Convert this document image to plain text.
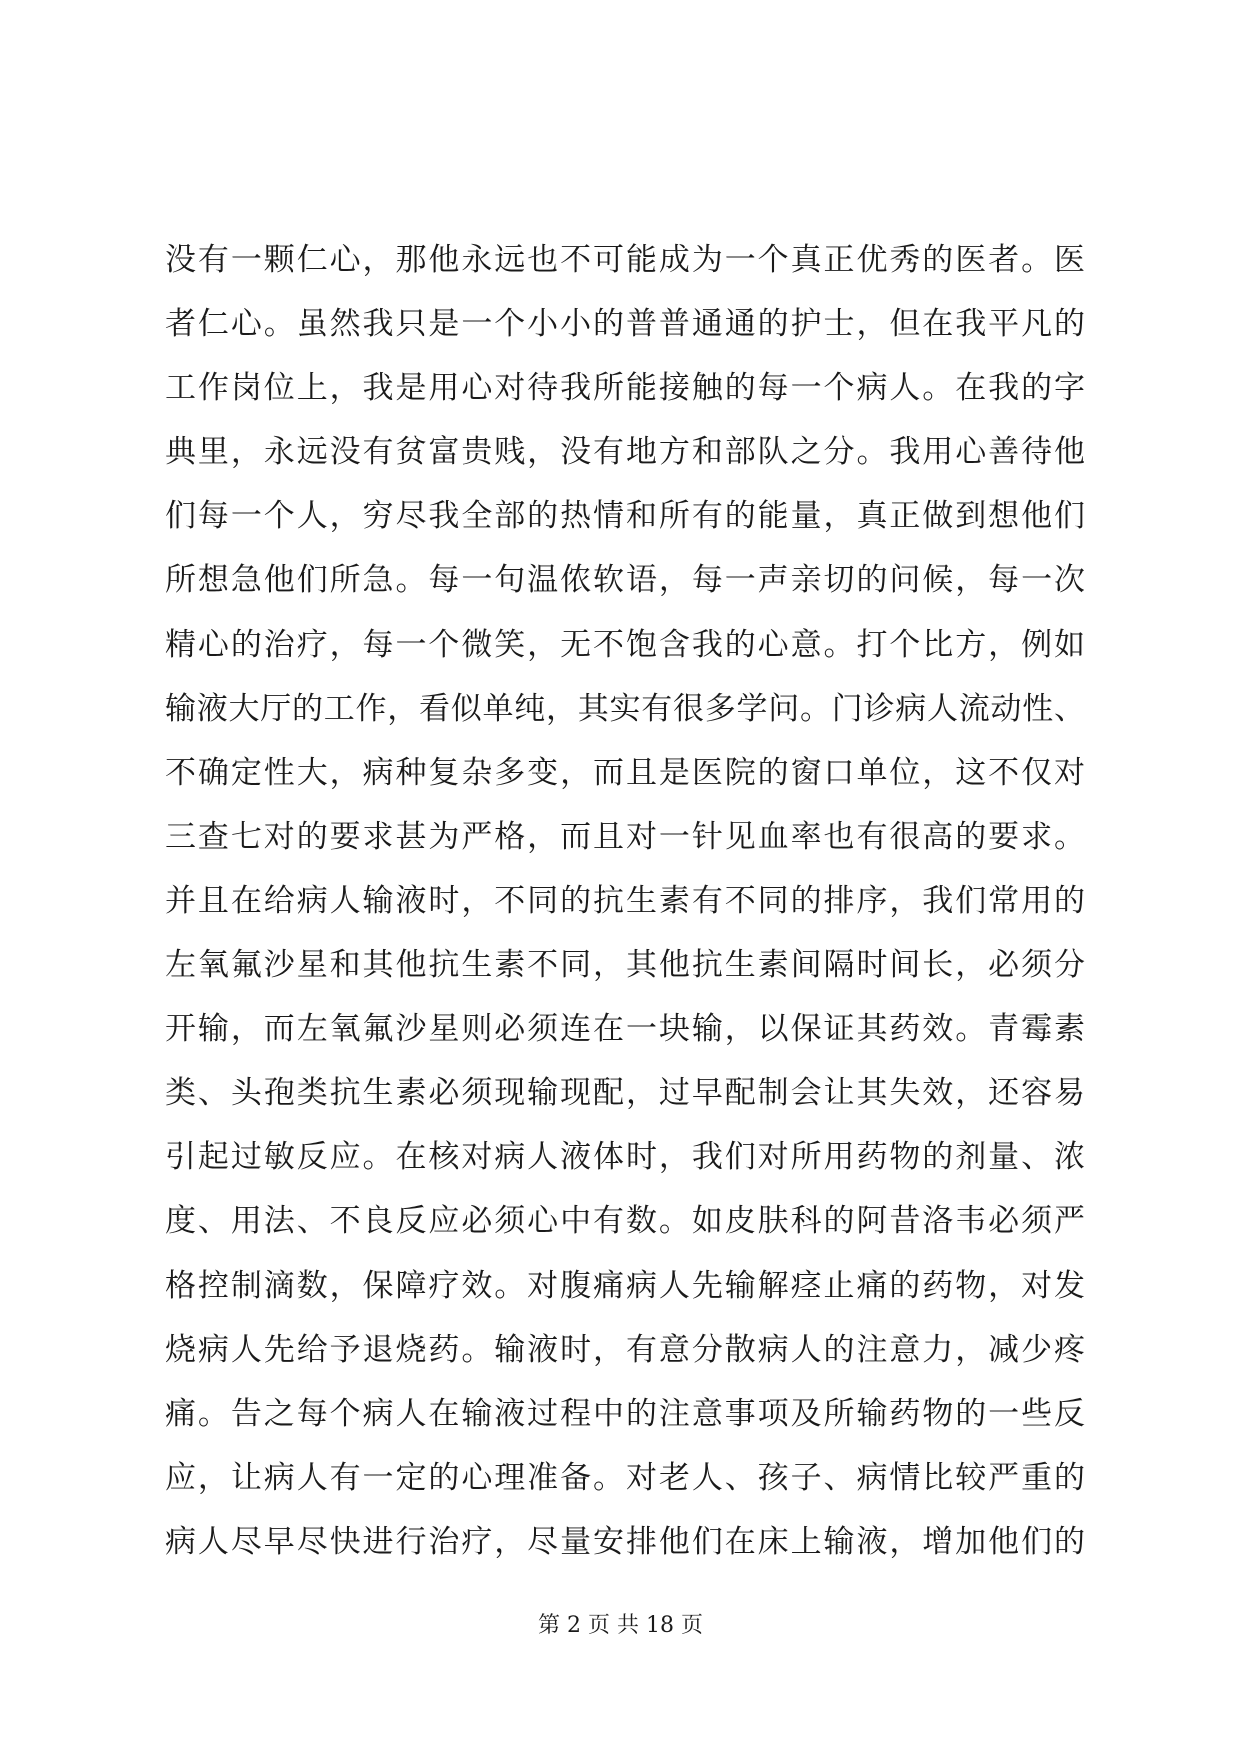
没有一颗仁心，那他永远也不可能成为一个真正优秀的医者。医
者仁心。虽然我只是一个小小的普普通通的护士，但在我平凡的
工作岗位上，我是用心对待我所能接触的每一个病人。在我的字
典里，永远没有贫富贵贱，没有地方和部队之分。我用心善待他
们每一个人，穷尽我全部的热情和所有的能量，真正做到想他们
所想急他们所急。每一句温侬软语，每一声亲切的问候，每一次
精心的治疗，每一个微笑，无不饱含我的心意。打个比方，例如
输液大厅的工作，看似单纯，其实有很多学问。门诊病人流动性、
不确定性大，病种复杂多变，而且是医院的窗口单位，这不仅对
三查七对的要求甚为严格，而且对一针见血率也有很高的要求。
并且在给病人输液时，不同的抗生素有不同的排序，我们常用的
左氧氟沙星和其他抗生素不同，其他抗生素间隔时间长，必须分
开输，而左氧氟沙星则必须连在一块输，以保证其药效。青霉素
类、头孢类抗生素必须现输现配，过早配制会让其失效，还容易
引起过敏反应。在核对病人液体时，我们对所用药物的剂量、浓
度、用法、不良反应必须心中有数。如皮肤科的阿昔洛韦必须严
格控制滴数，保障疗效。对腹痛病人先输解痉止痛的药物，对发
烧病人先给予退烧药。输液时，有意分散病人的注意力，减少疼
痛。告之每个病人在输液过程中的注意事项及所输药物的一些反
应，让病人有一定的心理准备。对老人、孩子、病情比较严重的
病人尽早尽快进行治疗，尽量安排他们在床上输液，增加他们的
第 2 页 共 18 页
